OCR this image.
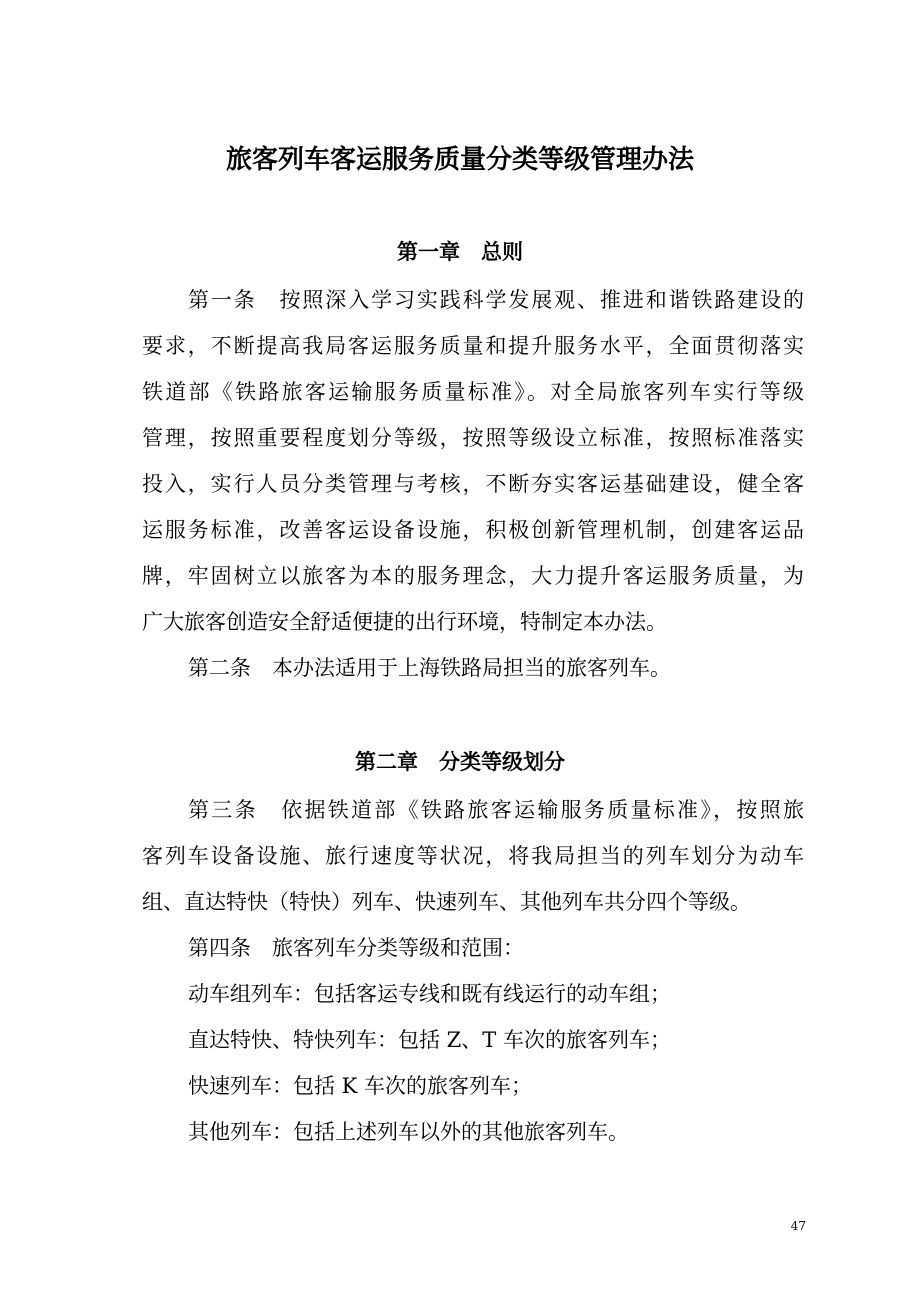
旅客列车客运服务质量分类等级管理办法
第一章　总则

第一条　按照深入学习实践科学发展观、推进和谐铁路建设的

要求，不断提高我局客运服务质量和提升服务水平，全面贯彻落实

铁道部《铁路旅客运输服务质量标准》。对全局旅客列车实行等级

管理，按照重要程度划分等级，按照等级设立标准，按照标准落实

投入，实行人员分类管理与考核，不断夯实客运基础建设，健全客

运服务标准，改善客运设备设施，积极创新管理机制，创建客运品

牌，牢固树立以旅客为本的服务理念，大力提升客运服务质量，为

广大旅客创造安全舒适便捷的出行环境，特制定本办法。

第二条　本办法适用于上海铁路局担当的旅客列车。

第二章　分类等级划分

第三条　依据铁道部《铁路旅客运输服务质量标准》，按照旅

客列车设备设施、旅行速度等状况，将我局担当的列车划分为动车

组、直达特快（特快）列车、快速列车、其他列车共分四个等级。

第四条　旅客列车分类等级和范围：

动车组列车：包括客运专线和既有线运行的动车组；

直达特快、特快列车：包括 Z、T 车次的旅客列车；

快速列车：包括 K 车次的旅客列车；

其他列车：包括上述列车以外的其他旅客列车。

47
